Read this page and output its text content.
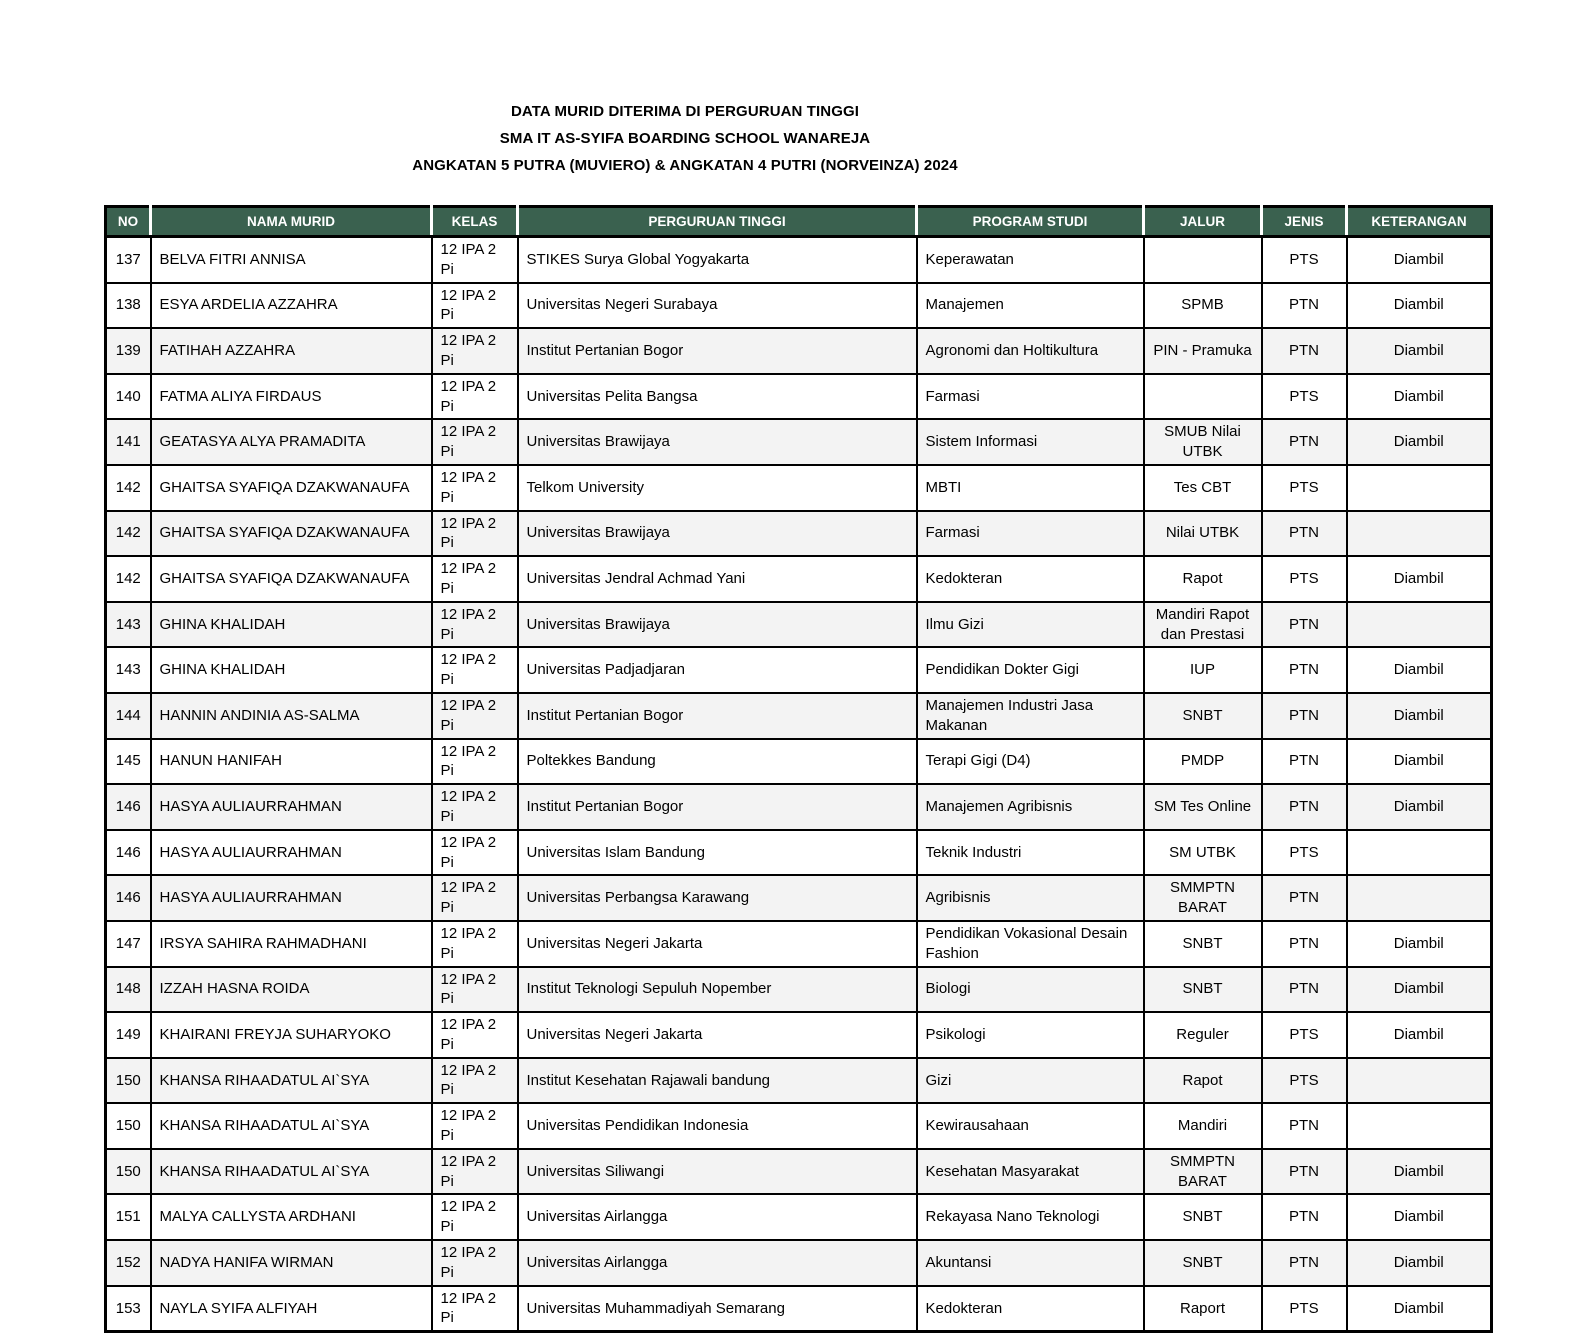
DATA MURID DITERIMA DI PERGURUAN TINGGI
SMA IT AS-SYIFA BOARDING SCHOOL WANAREJA
ANGKATAN 5 PUTRA (MUVIERO) & ANGKATAN 4 PUTRI (NORVEINZA) 2024
NO	NAMA MURID	KELAS	PERGURUAN TINGGI	PROGRAM STUDI	JALUR	JENIS	KETERANGAN
137	BELVA FITRI ANNISA	12 IPA 2 Pi	STIKES Surya Global Yogyakarta	Keperawatan		PTS	Diambil
138	ESYA ARDELIA AZZAHRA	12 IPA 2 Pi	Universitas Negeri Surabaya	Manajemen	SPMB	PTN	Diambil
139	FATIHAH AZZAHRA	12 IPA 2 Pi	Institut Pertanian Bogor	Agronomi dan Holtikultura	PIN - Pramuka	PTN	Diambil
140	FATMA ALIYA FIRDAUS	12 IPA 2 Pi	Universitas Pelita Bangsa	Farmasi		PTS	Diambil
141	GEATASYA ALYA PRAMADITA	12 IPA 2 Pi	Universitas Brawijaya	Sistem Informasi	SMUB Nilai UTBK	PTN	Diambil
142	GHAITSA SYAFIQA DZAKWANAUFA	12 IPA 2 Pi	Telkom University	MBTI	Tes CBT	PTS	
142	GHAITSA SYAFIQA DZAKWANAUFA	12 IPA 2 Pi	Universitas Brawijaya	Farmasi	Nilai UTBK	PTN	
142	GHAITSA SYAFIQA DZAKWANAUFA	12 IPA 2 Pi	Universitas Jendral Achmad Yani	Kedokteran	Rapot	PTS	Diambil
143	GHINA KHALIDAH	12 IPA 2 Pi	Universitas Brawijaya	Ilmu Gizi	Mandiri Rapot dan Prestasi	PTN	
143	GHINA KHALIDAH	12 IPA 2 Pi	Universitas Padjadjaran	Pendidikan Dokter Gigi	IUP	PTN	Diambil
144	HANNIN ANDINIA AS-SALMA	12 IPA 2 Pi	Institut Pertanian Bogor	Manajemen Industri Jasa Makanan	SNBT	PTN	Diambil
145	HANUN HANIFAH	12 IPA 2 Pi	Poltekkes Bandung	Terapi Gigi (D4)	PMDP	PTN	Diambil
146	HASYA AULIAURRAHMAN	12 IPA 2 Pi	Institut Pertanian Bogor	Manajemen Agribisnis	SM Tes Online	PTN	Diambil
146	HASYA AULIAURRAHMAN	12 IPA 2 Pi	Universitas Islam Bandung	Teknik Industri	SM UTBK	PTS	
146	HASYA AULIAURRAHMAN	12 IPA 2 Pi	Universitas Perbangsa Karawang	Agribisnis	SMMPTN BARAT	PTN	
147	IRSYA SAHIRA RAHMADHANI	12 IPA 2 Pi	Universitas Negeri Jakarta	Pendidikan Vokasional Desain Fashion	SNBT	PTN	Diambil
148	IZZAH HASNA ROIDA	12 IPA 2 Pi	Institut Teknologi Sepuluh Nopember	Biologi	SNBT	PTN	Diambil
149	KHAIRANI FREYJA SUHARYOKO	12 IPA 2 Pi	Universitas Negeri Jakarta	Psikologi	Reguler	PTS	Diambil
150	KHANSA RIHAADATUL AI`SYA	12 IPA 2 Pi	Institut Kesehatan Rajawali bandung	Gizi	Rapot	PTS	
150	KHANSA RIHAADATUL AI`SYA	12 IPA 2 Pi	Universitas Pendidikan Indonesia	Kewirausahaan	Mandiri	PTN	
150	KHANSA RIHAADATUL AI`SYA	12 IPA 2 Pi	Universitas Siliwangi	Kesehatan Masyarakat	SMMPTN BARAT	PTN	Diambil
151	MALYA CALLYSTA ARDHANI	12 IPA 2 Pi	Universitas Airlangga	Rekayasa Nano Teknologi	SNBT	PTN	Diambil
152	NADYA HANIFA WIRMAN	12 IPA 2 Pi	Universitas Airlangga	Akuntansi	SNBT	PTN	Diambil
153	NAYLA SYIFA ALFIYAH	12 IPA 2 Pi	Universitas Muhammadiyah Semarang	Kedokteran	Raport	PTS	Diambil
